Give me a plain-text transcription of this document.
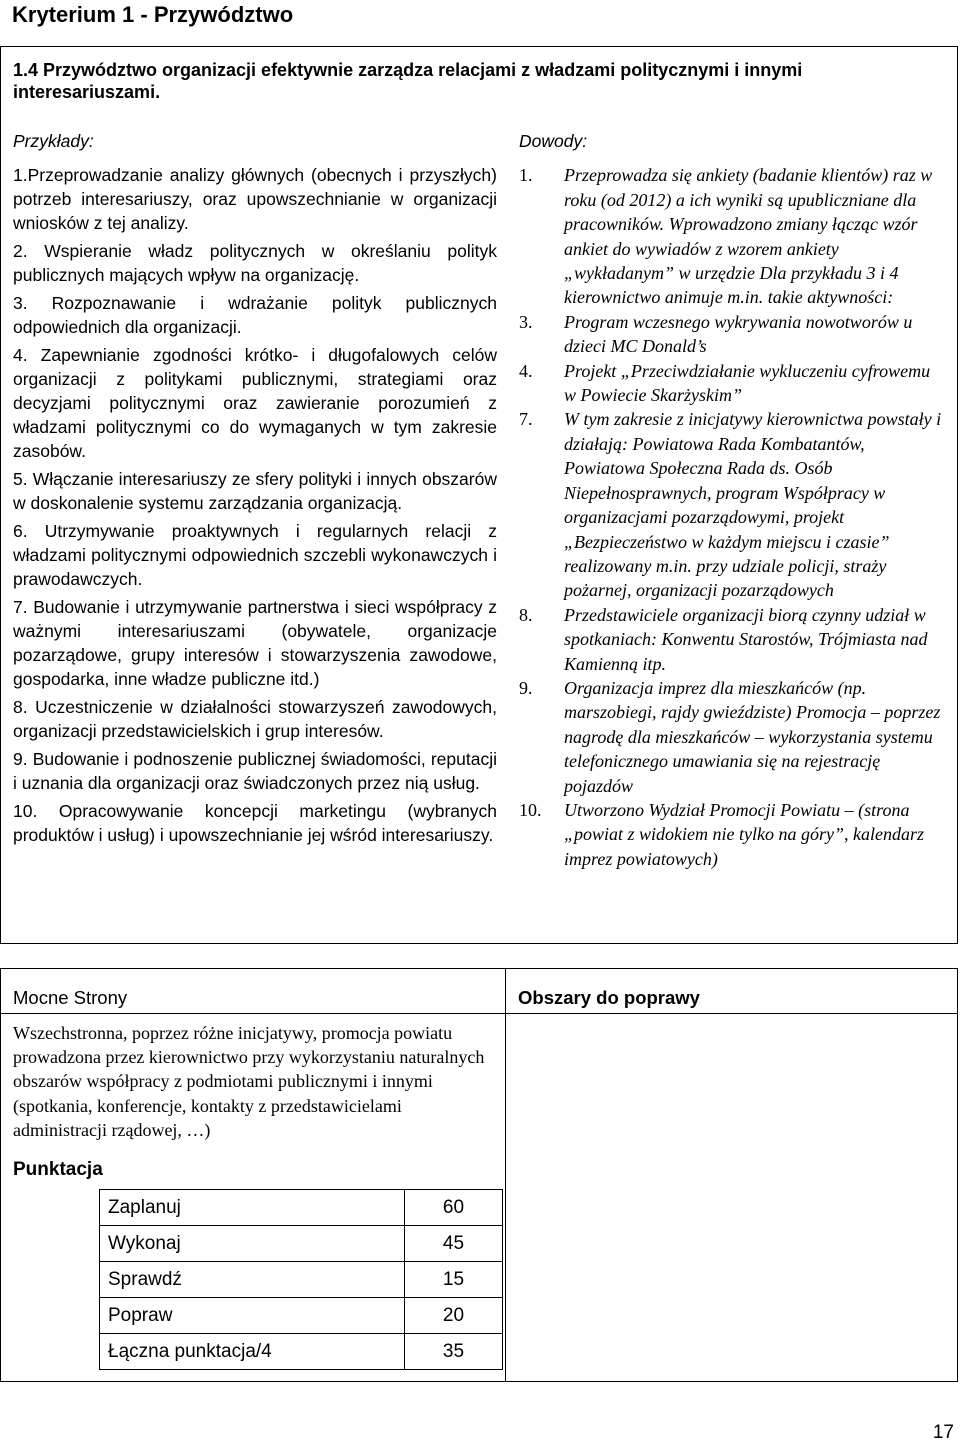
Kryterium 1 - Przywództwo
1.4 Przywództwo organizacji efektywnie zarządza relacjami z władzami politycznymi i innymi interesariuszami.
Przykłady:

1.Przeprowadzanie analizy głównych (obecnych i przyszłych) potrzeb interesariuszy, oraz upowszechnianie w organizacji wniosków z tej analizy.

2. Wspieranie władz politycznych w określaniu polityk publicznych mających wpływ na organizację.

3. Rozpoznawanie i wdrażanie polityk publicznych odpowiednich dla organizacji.

4. Zapewnianie zgodności krótko- i długofalowych celów organizacji z politykami publicznymi, strategiami oraz decyzjami politycznymi oraz zawieranie porozumień z władzami politycznymi co do wymaganych w tym zakresie zasobów.

5. Włączanie interesariuszy ze sfery polityki i innych obszarów w doskonalenie systemu zarządzania organizacją.

6. Utrzymywanie proaktywnych i regularnych relacji z władzami politycznymi odpowiednich szczebli wykonawczych i prawodawczych.

7. Budowanie i utrzymywanie partnerstwa i sieci współpracy z ważnymi interesariuszami (obywatele, organizacje pozarządowe, grupy interesów i stowarzyszenia zawodowe, gospodarka, inne władze publiczne itd.)

8. Uczestniczenie w działalności stowarzyszeń zawodowych, organizacji przedstawicielskich i grup interesów.

9. Budowanie i podnoszenie publicznej świadomości, reputacji i uznania dla organizacji oraz świadczonych przez nią usług.

10. Opracowywanie koncepcji marketingu (wybranych produktów i usług) i upowszechnianie jej wśród interesariuszy.

Dowody:
1.	Przeprowadza się ankiety (badanie klientów) raz w roku (od 2012) a ich wyniki są upubliczniane dla pracowników. Wprowadzono zmiany łącząc wzór ankiet do wywiadów z wzorem ankiety „wykładanym” w urzędzie Dla przykładu 3 i 4 kierownictwo animuje m.in. takie aktywności:
3.	Program wczesnego wykrywania nowotworów u dzieci MC Donald’s
4.	Projekt „Przeciwdziałanie wykluczeniu cyfrowemu w Powiecie Skarżyskim”
7.	W tym zakresie z inicjatywy kierownictwa powstały i działają: Powiatowa Rada Kombatantów, Powiatowa Społeczna Rada ds. Osób Niepełnosprawnych, program Współpracy w organizacjami pozarządowymi, projekt „Bezpieczeństwo w każdym miejscu i czasie” realizowany m.in. przy udziale policji, straży pożarnej, organizacji pozarządowych
8.	Przedstawiciele organizacji biorą czynny udział w spotkaniach: Konwentu Starostów, Trójmiasta nad Kamienną itp.
9.	Organizacja imprez dla mieszkańców (np. marszobiegi, rajdy gwieździste) Promocja – poprzez nagrodę dla mieszkańców – wykorzystania systemu telefonicznego umawiania się na rejestrację pojazdów
10.	Utworzono Wydział Promocji Powiatu – (strona „powiat z widokiem nie tylko na góry”, kalendarz imprez powiatowych)
Mocne Strony
Wszechstronna, poprzez różne inicjatywy, promocja powiatu prowadzona przez kierownictwo przy wykorzystaniu naturalnych obszarów współpracy z podmiotami publicznymi i innymi (spotkania, konferencje, kontakty z przedstawicielami administracji rządowej, …)
Punktacja
Zaplanuj	60
Wykonaj	45
Sprawdź	15
Popraw	20
Łączna punktacja/4	35
Obszary do poprawy
17
